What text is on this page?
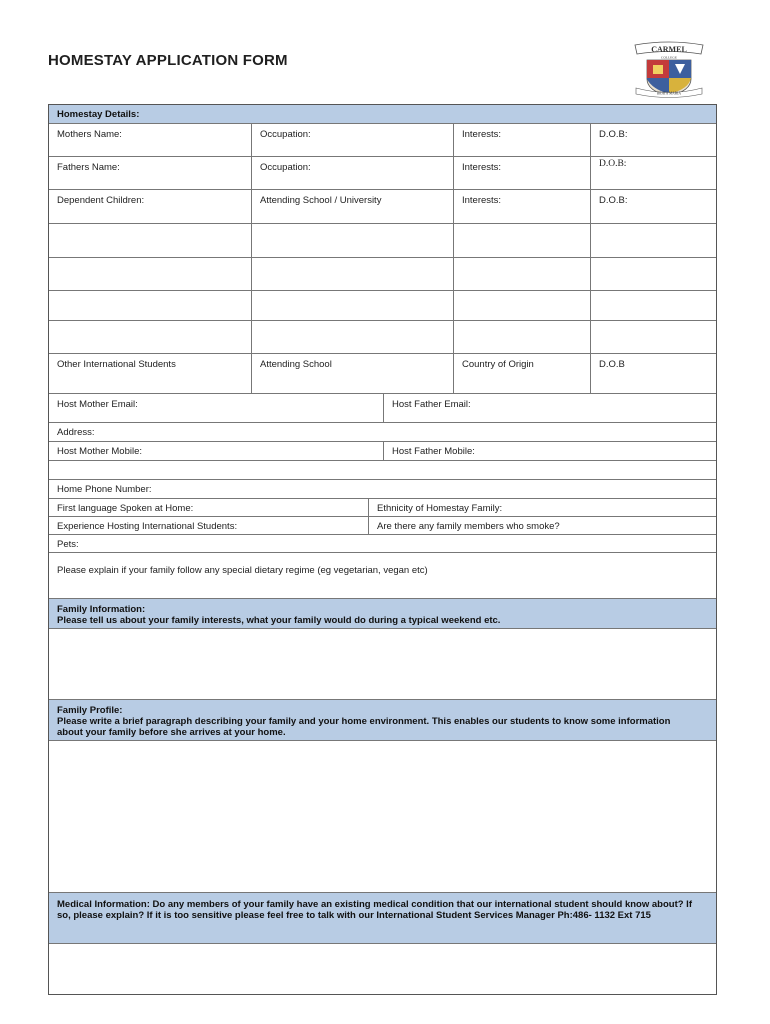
HOMESTAY APPLICATION FORM
CARMEL
COLLEGE
BEATA MARIA
Homestay Details:
Mothers Name:	Occupation:	Interests:	D.O.B:
Fathers Name:	Occupation:	Interests:	D.O.B:
Dependent Children:	Attending School / University	Interests:	D.O.B:
Other International Students	Attending School	Country of Origin	D.O.B
Host Mother Email:	Host Father Email:
Address:
Host Mother Mobile:	Host Father Mobile:
Home Phone Number:
First language Spoken at Home:	Ethnicity of Homestay Family:
Experience Hosting International Students:	Are there any family members who smoke?
Pets:
Please explain if your family follow any special dietary regime (eg vegetarian, vegan etc)
Family Information:
Please tell us about your family interests, what your family would do during a typical weekend etc.
Family Profile:
Please write a brief paragraph describing your family and your home environment. This enables our students to know some information about your family before she arrives at your home.
Medical Information: Do any members of your family have an existing medical condition that our international student should know about? If so, please explain? If it is too sensitive please feel free to talk with our International Student Services Manager Ph:486- 1132 Ext 715
